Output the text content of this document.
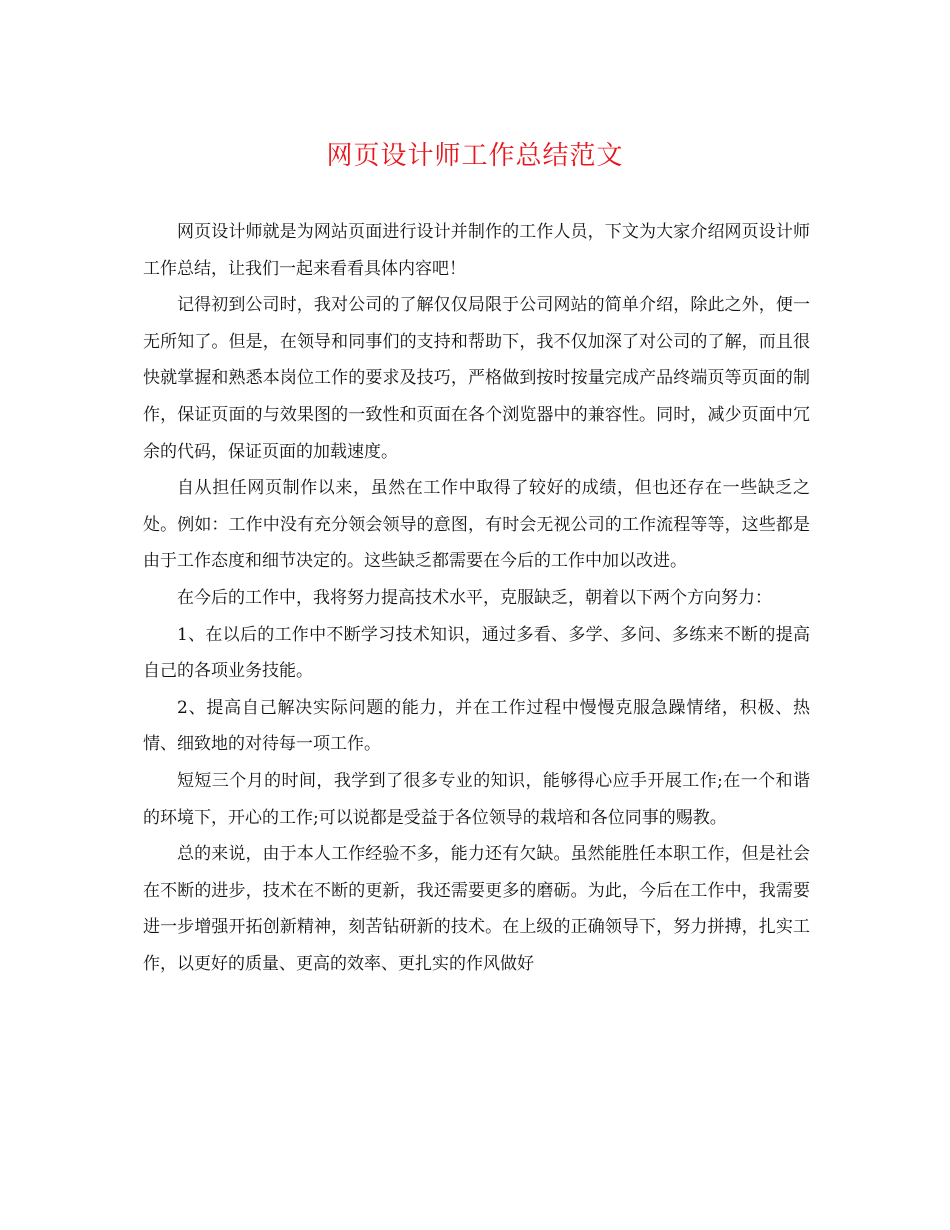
网页设计师工作总结范文

网页设计师就是为网站页面进行设计并制作的工作人员，下文为大家介绍网页设计师工作总结，让我们一起来看看具体内容吧！

记得初到公司时，我对公司的了解仅仅局限于公司网站的简单介绍，除此之外，便一无所知了。但是，在领导和同事们的支持和帮助下，我不仅加深了对公司的了解，而且很快就掌握和熟悉本岗位工作的要求及技巧，严格做到按时按量完成产品终端页等页面的制作，保证页面的与效果图的一致性和页面在各个浏览器中的兼容性。同时，减少页面中冗余的代码，保证页面的加载速度。

自从担任网页制作以来，虽然在工作中取得了较好的成绩，但也还存在一些缺乏之处。例如：工作中没有充分领会领导的意图，有时会无视公司的工作流程等等，这些都是由于工作态度和细节决定的。这些缺乏都需要在今后的工作中加以改进。

在今后的工作中，我将努力提高技术水平，克服缺乏，朝着以下两个方向努力：

1、在以后的工作中不断学习技术知识，通过多看、多学、多问、多练来不断的提高自己的各项业务技能。

2、提高自己解决实际问题的能力，并在工作过程中慢慢克服急躁情绪，积极、热情、细致地的对待每一项工作。

短短三个月的时间，我学到了很多专业的知识，能够得心应手开展工作;在一个和谐的环境下，开心的工作;可以说都是受益于各位领导的栽培和各位同事的赐教。

总的来说，由于本人工作经验不多，能力还有欠缺。虽然能胜任本职工作，但是社会在不断的进步，技术在不断的更新，我还需要更多的磨砺。为此，今后在工作中，我需要进一步增强开拓创新精神，刻苦钻研新的技术。在上级的正确领导下，努力拼搏，扎实工作，以更好的质量、更高的效率、更扎实的作风做好
